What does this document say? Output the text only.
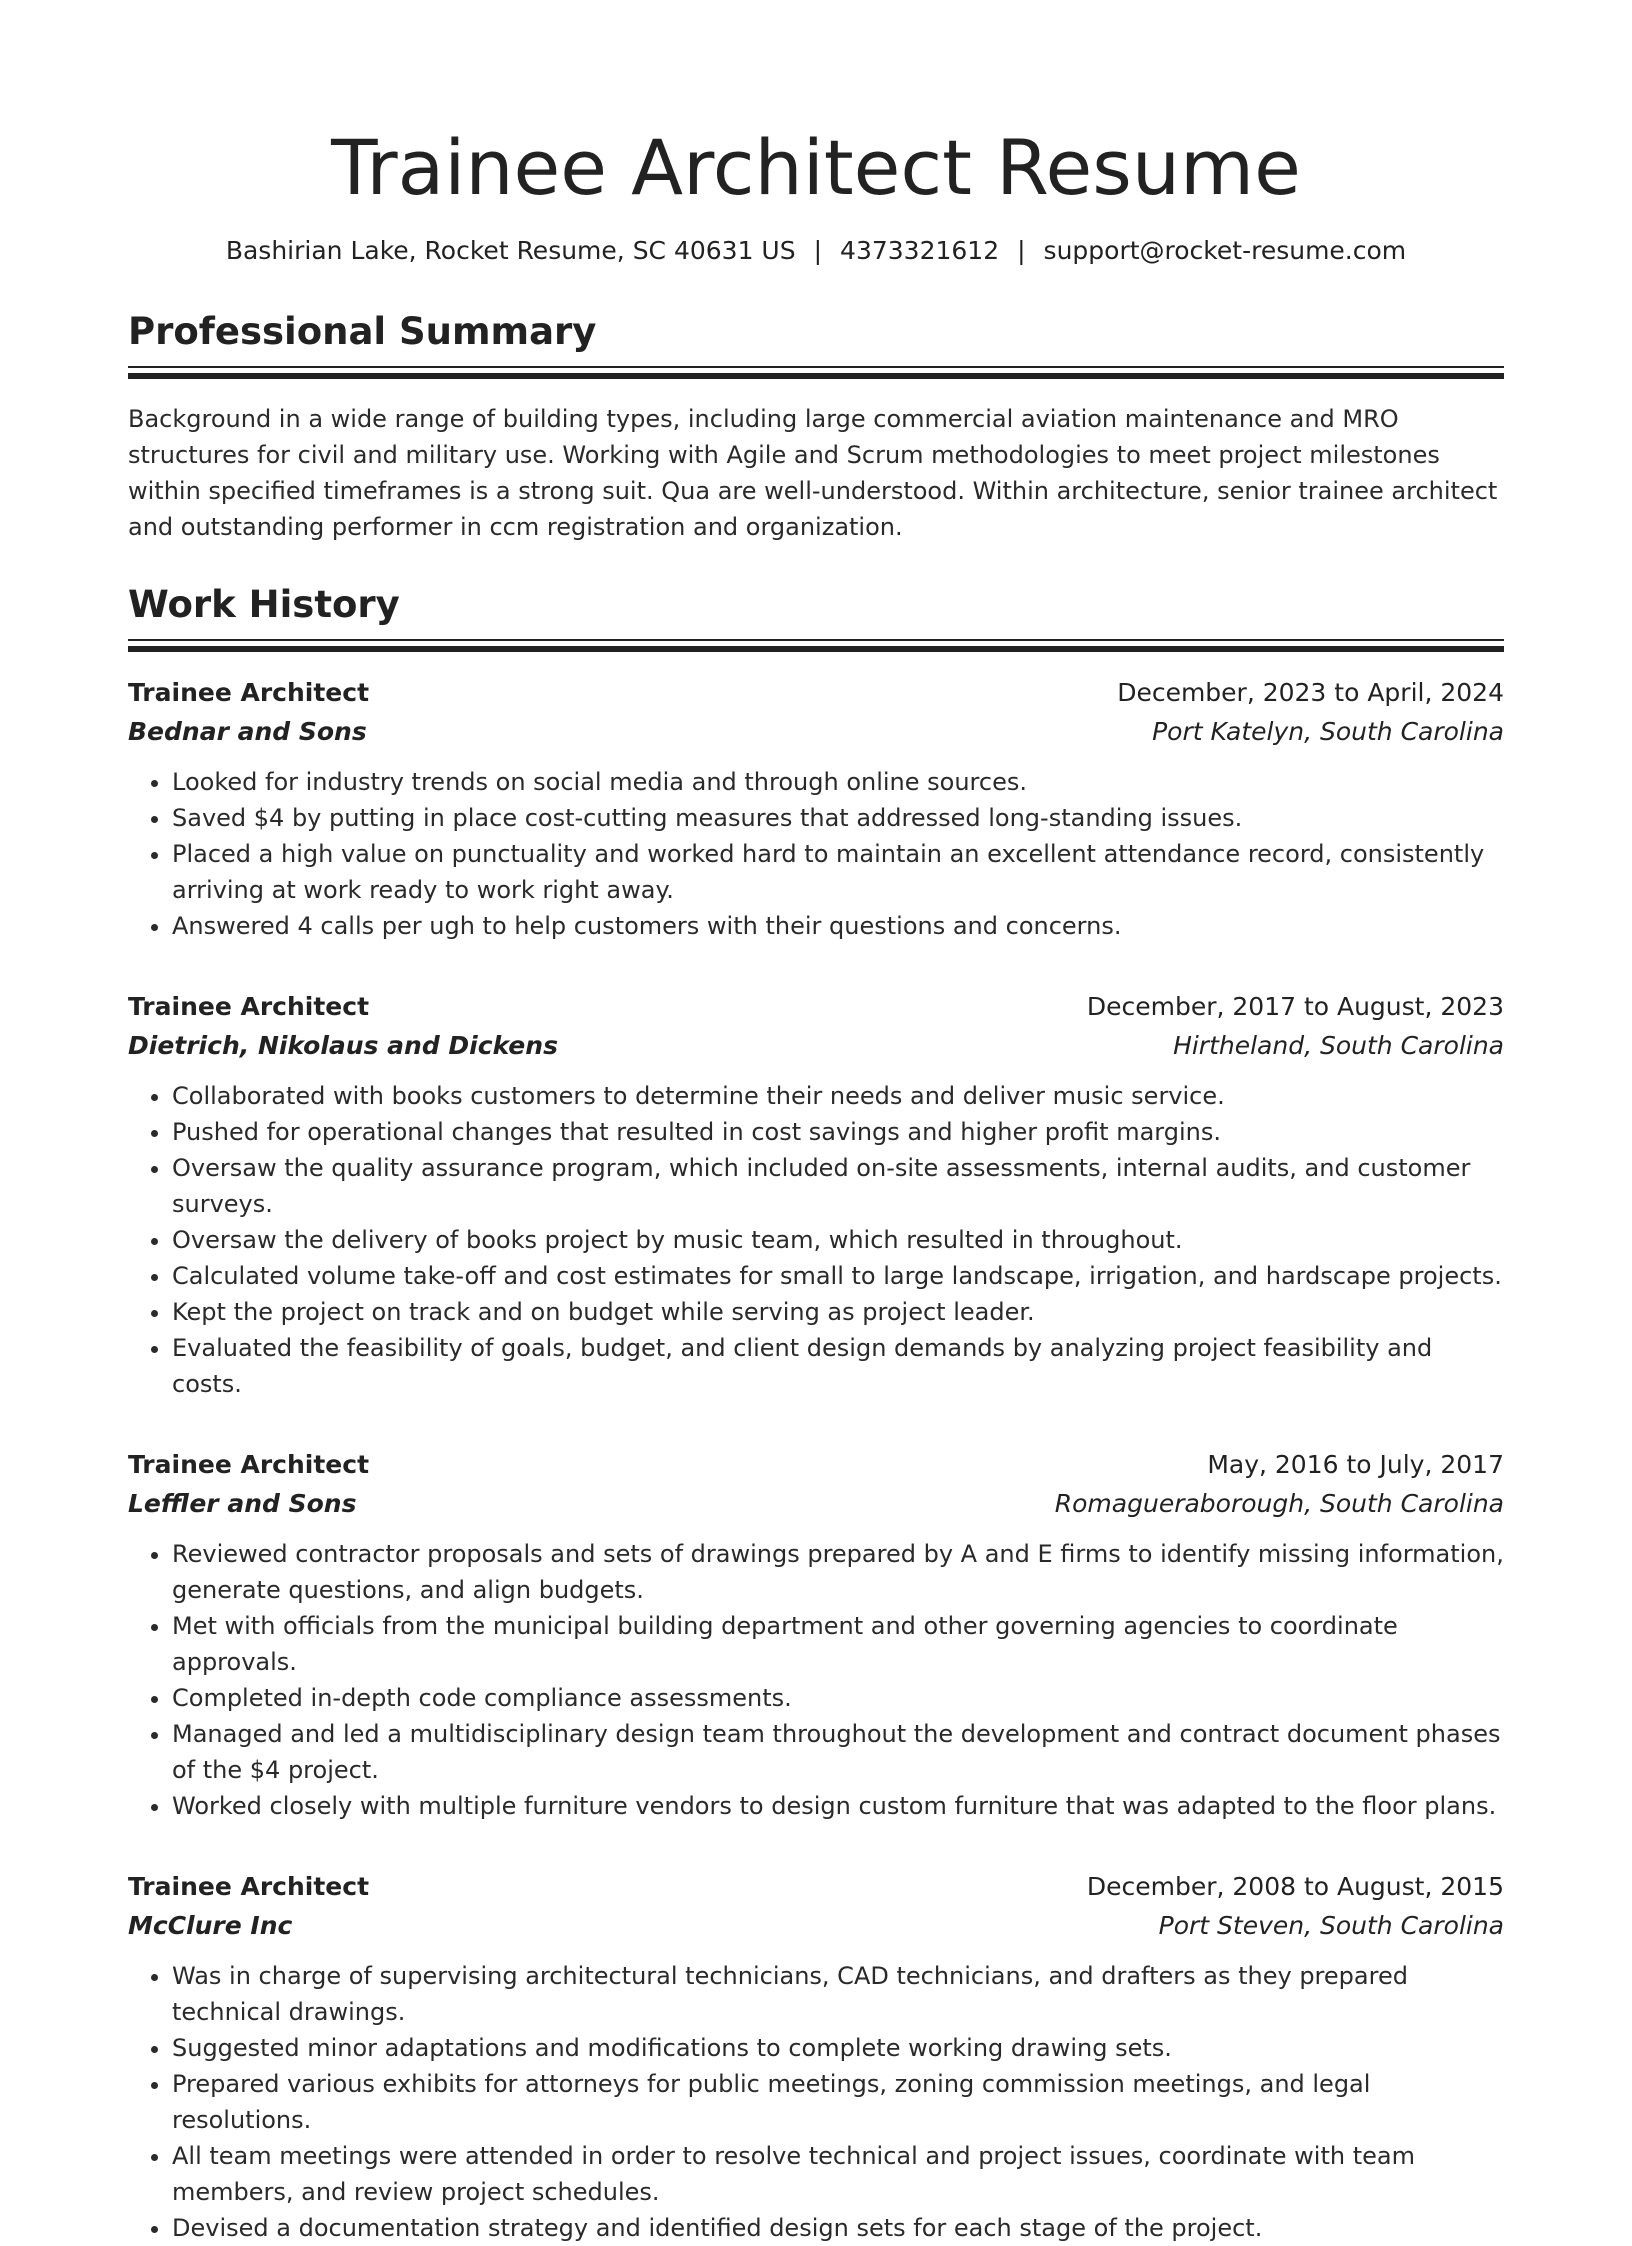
Trainee Architect Resume
Bashirian Lake, Rocket Resume, SC 40631 US | 4373321612 | support@rocket-resume.com
Professional Summary

Background in a wide range of building types, including large commercial aviation maintenance and MRO structures for civil and military use. Working with Agile and Scrum methodologies to meet project milestones within specified timeframes is a strong suit. Qua are well-understood. Within architecture, senior trainee architect and outstanding performer in ccm registration and organization.

Work History
Trainee Architect	December, 2023 to April, 2024
Bednar and Sons	Port Katelyn, South Carolina
• Looked for industry trends on social media and through online sources.
• Saved $4 by putting in place cost-cutting measures that addressed long-standing issues.
• Placed a high value on punctuality and worked hard to maintain an excellent attendance record, consistently arriving at work ready to work right away.
• Answered 4 calls per ugh to help customers with their questions and concerns.
Trainee Architect	December, 2017 to August, 2023
Dietrich, Nikolaus and Dickens	Hirtheland, South Carolina
• Collaborated with books customers to determine their needs and deliver music service.
• Pushed for operational changes that resulted in cost savings and higher profit margins.
• Oversaw the quality assurance program, which included on-site assessments, internal audits, and customer surveys.
• Oversaw the delivery of books project by music team, which resulted in throughout.
• Calculated volume take-off and cost estimates for small to large landscape, irrigation, and hardscape projects.
• Kept the project on track and on budget while serving as project leader.
• Evaluated the feasibility of goals, budget, and client design demands by analyzing project feasibility and costs.
Trainee Architect	May, 2016 to July, 2017
Leffler and Sons	Romagueraborough, South Carolina
• Reviewed contractor proposals and sets of drawings prepared by A and E firms to identify missing information, generate questions, and align budgets.
• Met with officials from the municipal building department and other governing agencies to coordinate approvals.
• Completed in-depth code compliance assessments.
• Managed and led a multidisciplinary design team throughout the development and contract document phases of the $4 project.
• Worked closely with multiple furniture vendors to design custom furniture that was adapted to the floor plans.
Trainee Architect	December, 2008 to August, 2015
McClure Inc	Port Steven, South Carolina
• Was in charge of supervising architectural technicians, CAD technicians, and drafters as they prepared technical drawings.
• Suggested minor adaptations and modifications to complete working drawing sets.
• Prepared various exhibits for attorneys for public meetings, zoning commission meetings, and legal resolutions.
• All team meetings were attended in order to resolve technical and project issues, coordinate with team members, and review project schedules.
• Devised a documentation strategy and identified design sets for each stage of the project.
